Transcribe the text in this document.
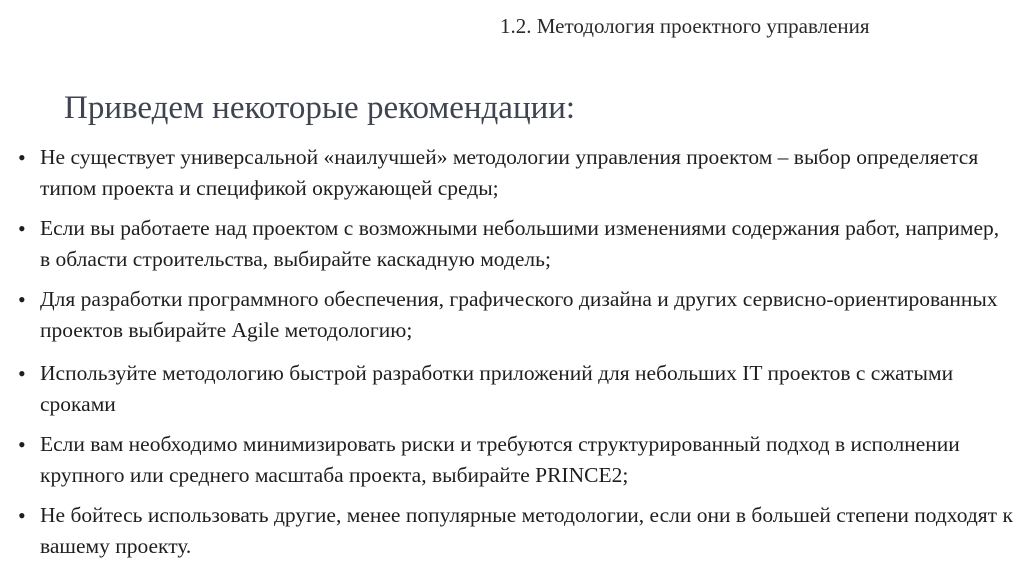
1.2. Методология проектного управления
Приведем некоторые рекомендации:
• Не существует универсальной «наилучшей» методологии управления проектом – выбор определяется типом проекта и спецификой окружающей среды;
• Если вы работаете над проектом с возможными небольшими изменениями содержания работ, например, в области строительства, выбирайте каскадную модель;
• Для разработки программного обеспечения, графического дизайна и других сервисно-ориентированных проектов выбирайте Agile методологию;
• Используйте методологию быстрой разработки приложений для небольших IT проектов с сжатыми сроками
• Если вам необходимо минимизировать риски и требуются структурированный подход в исполнении крупного или среднего масштаба проекта, выбирайте PRINCE2;
• Не бойтесь использовать другие, менее популярные методологии, если они в большей степени подходят к вашему проекту.
